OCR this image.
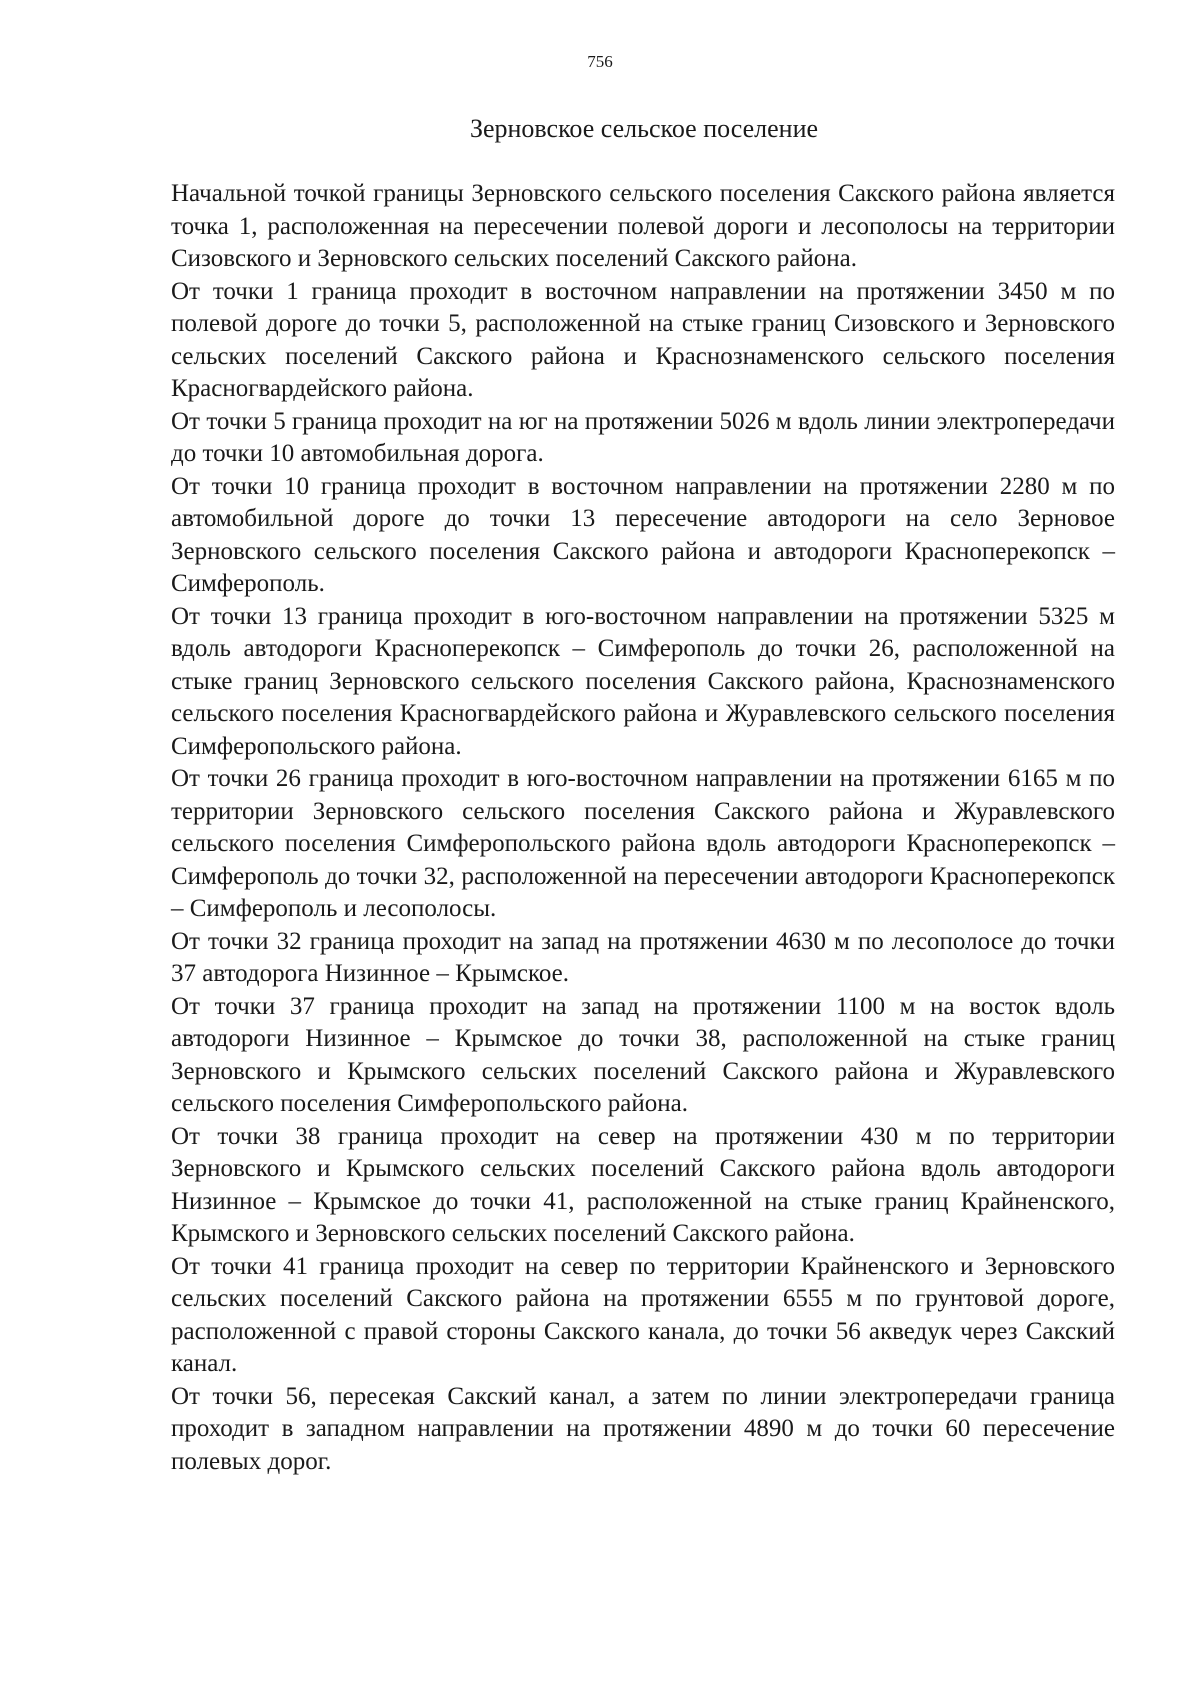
756
Зерновское сельское поселение

Начальной точкой границы Зерновского сельского поселения Сакского района является точка 1, расположенная на пересечении полевой дороги и лесополосы на территории Сизовского и Зерновского сельских поселений Сакского района.

От точки 1 граница проходит в восточном направлении на протяжении 3450 м по полевой дороге до точки 5, расположенной на стыке границ Сизовского и Зерновского сельских поселений Сакского района и Краснознаменского сельского поселения Красногвардейского района.

От точки 5 граница проходит на юг на протяжении 5026 м вдоль линии электропередачи до точки 10 автомобильная дорога.

От точки 10 граница проходит в восточном направлении на протяжении 2280 м по автомобильной дороге до точки 13 пересечение автодороги на село Зерновое Зерновского сельского поселения Сакского района и автодороги Красноперекопск – Симферополь.

От точки 13 граница проходит в юго-восточном направлении на протяжении 5325 м вдоль автодороги Красноперекопск – Симферополь до точки 26, расположенной на стыке границ Зерновского сельского поселения Сакского района, Краснознаменского сельского поселения Красногвардейского района и Журавлевского сельского поселения Симферопольского района.

От точки 26 граница проходит в юго-восточном направлении на протяжении 6165 м по территории Зерновского сельского поселения Сакского района и Журавлевского сельского поселения Симферопольского района вдоль автодороги Красноперекопск – Симферополь до точки 32, расположенной на пересечении автодороги Красноперекопск – Симферополь и лесополосы.

От точки 32 граница проходит на запад на протяжении 4630 м по лесополосе до точки 37 автодорога Низинное – Крымское.

От точки 37 граница проходит на запад на протяжении 1100 м на восток вдоль автодороги Низинное – Крымское до точки 38, расположенной на стыке границ Зерновского и Крымского сельских поселений Сакского района и Журавлевского сельского поселения Симферопольского района.

От точки 38 граница проходит на север на протяжении 430 м по территории Зерновского и Крымского сельских поселений Сакского района вдоль автодороги Низинное – Крымское до точки 41, расположенной на стыке границ Крайненского, Крымского и Зерновского сельских поселений Сакского района.

От точки 41 граница проходит на север по территории Крайненского и Зерновского сельских поселений Сакского района на протяжении 6555 м по грунтовой дороге, расположенной с правой стороны Сакского канала, до точки 56 акведук через Сакский канал.

От точки 56, пересекая Сакский канал, а затем по линии электропередачи граница проходит в западном направлении на протяжении 4890 м до точки 60 пересечение полевых дорог.
